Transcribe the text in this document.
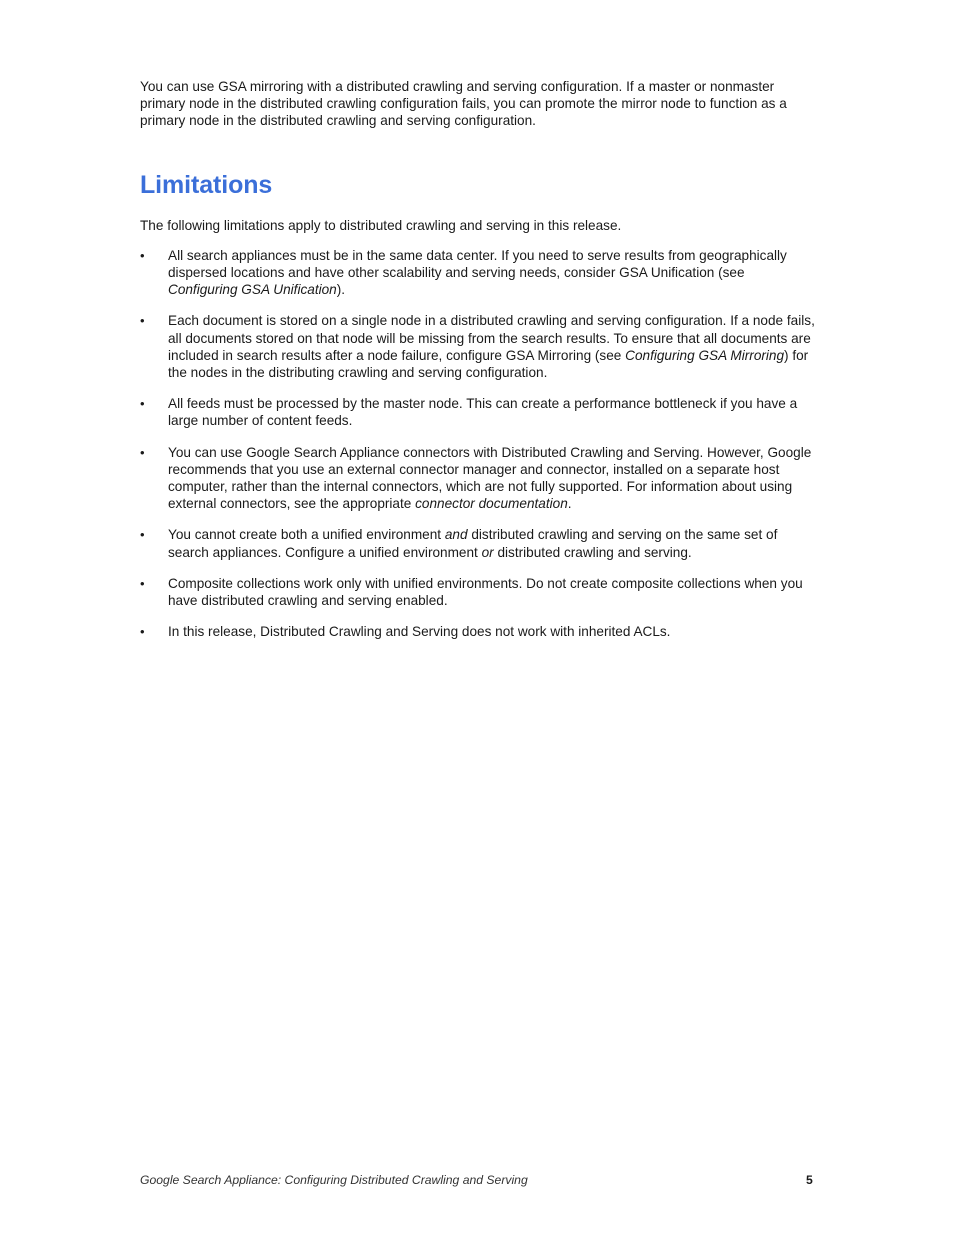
You can use GSA mirroring with a distributed crawling and serving configuration. If a master or nonmaster primary node in the distributed crawling configuration fails, you can promote the mirror node to function as a primary node in the distributed crawling and serving configuration.

Limitations

The following limitations apply to distributed crawling and serving in this release.

• All search appliances must be in the same data center. If you need to serve results from geographically dispersed locations and have other scalability and serving needs, consider GSA Unification (see Configuring GSA Unification).
• Each document is stored on a single node in a distributed crawling and serving configuration. If a node fails, all documents stored on that node will be missing from the search results. To ensure that all documents are included in search results after a node failure, configure GSA Mirroring (see Configuring GSA Mirroring) for the nodes in the distributing crawling and serving configuration.
• All feeds must be processed by the master node. This can create a performance bottleneck if you have a large number of content feeds.
• You can use Google Search Appliance connectors with Distributed Crawling and Serving. However, Google recommends that you use an external connector manager and connector, installed on a separate host computer, rather than the internal connectors, which are not fully supported. For information about using external connectors, see the appropriate connector documentation.
• You cannot create both a unified environment and distributed crawling and serving on the same set of search appliances. Configure a unified environment or distributed crawling and serving.
• Composite collections work only with unified environments. Do not create composite collections when you have distributed crawling and serving enabled.
• In this release, Distributed Crawling and Serving does not work with inherited ACLs.
Google Search Appliance: Configuring Distributed Crawling and Serving	5
